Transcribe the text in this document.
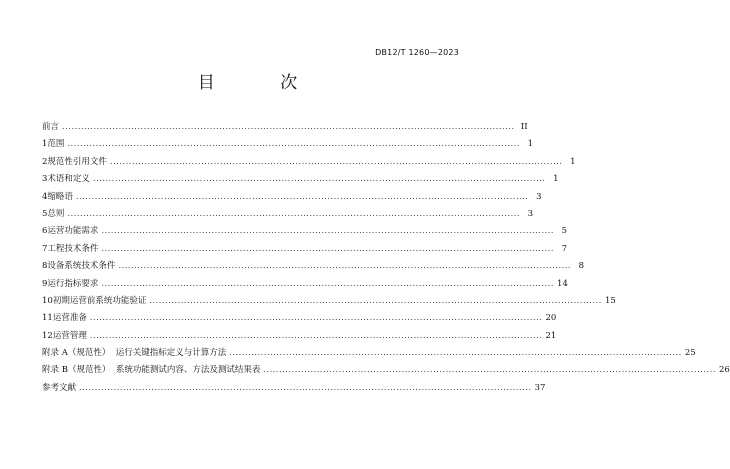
DB12/T 1260—2023
目 次
前言 ................................................................................................................................................ II
1 范围 ................................................................................................................................................ 1
2 规范性引用文件 ................................................................................................................................................ 1
3 术语和定义 ................................................................................................................................................ 1
4 缩略语 ................................................................................................................................................ 3
5 总则 ................................................................................................................................................ 3
6 运营功能需求 ................................................................................................................................................ 5
7 工程技术条件 ................................................................................................................................................ 7
8 设备系统技术条件 ................................................................................................................................................ 8
9 运行指标要求 ................................................................................................................................................ 14
10 初期运营前系统功能验证 ................................................................................................................................................ 15
11 运营准备 ................................................................................................................................................ 20
12 运营管理 ................................................................................................................................................ 21
附录 A（规范性）  运行关键指标定义与计算方法 ................................................................................................................................................ 25
附录 B（规范性）  系统功能测试内容、方法及测试结果表 ................................................................................................................................................ 26
参考文献 ................................................................................................................................................ 37
